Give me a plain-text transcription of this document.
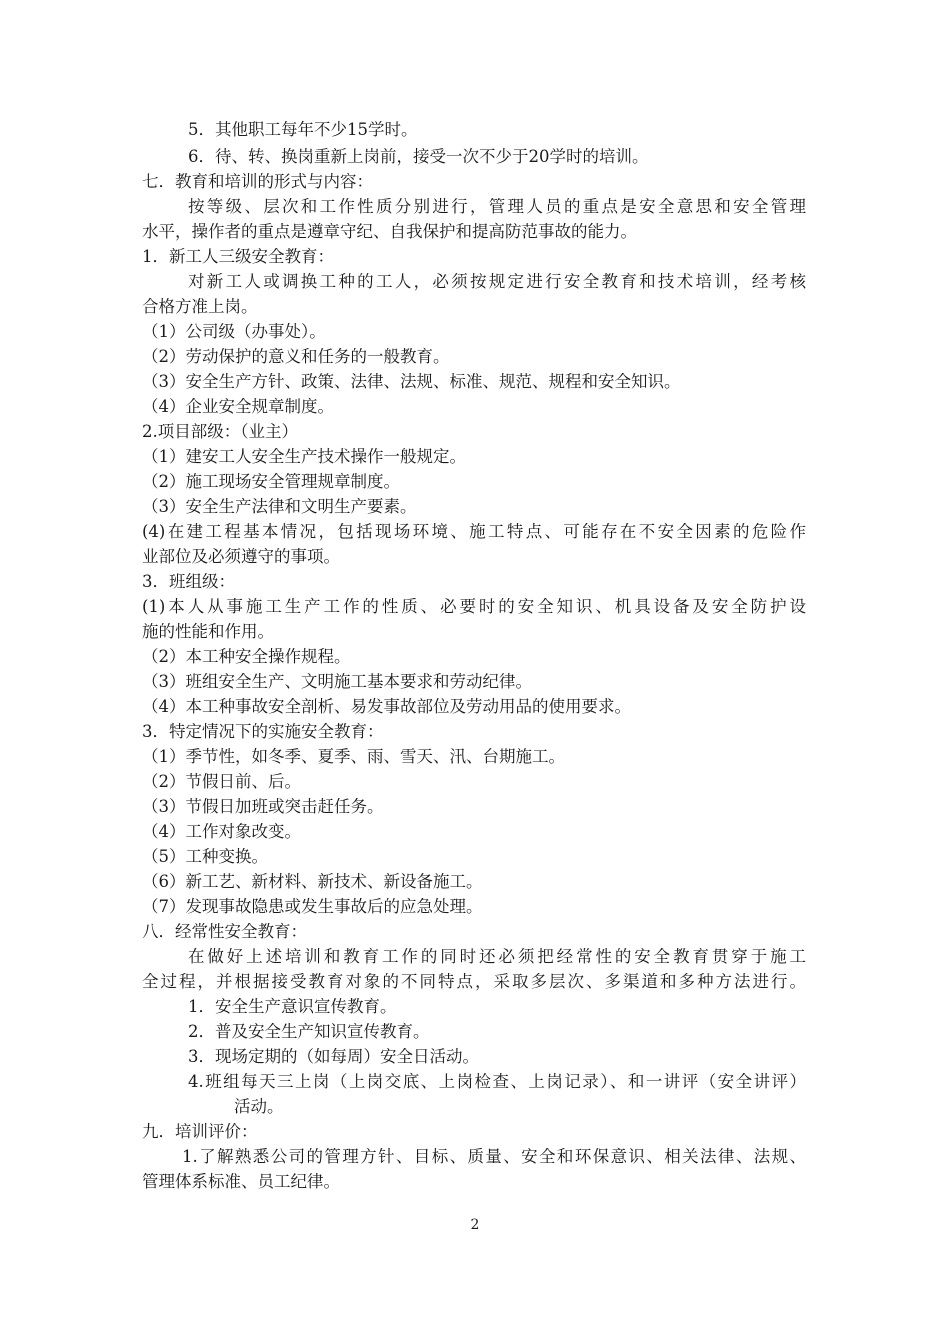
5．其他职工每年不少15学时。
6．待、转、换岗重新上岗前，接受一次不少于20学时的培训。
七．教育和培训的形式与内容：
按等级、层次和工作性质分别进行，管理人员的重点是安全意思和安全管理
水平，操作者的重点是遵章守纪、自我保护和提高防范事故的能力。
1．新工人三级安全教育：
对新工人或调换工种的工人，必须按规定进行安全教育和技术培训，经考核
合格方准上岗。
（1）公司级（办事处）。
（2）劳动保护的意义和任务的一般教育。
（3）安全生产方针、政策、法律、法规、标准、规范、规程和安全知识。
（4）企业安全规章制度。
2.项目部级：（业主）
（1）建安工人安全生产技术操作一般规定。
（2）施工现场安全管理规章制度。
（3）安全生产法律和文明生产要素。
(4)在建工程基本情况，包括现场环境、施工特点、可能存在不安全因素的危险作
业部位及必须遵守的事项。
3．班组级：
(1)本人从事施工生产工作的性质、必要时的安全知识、机具设备及安全防护设
施的性能和作用。
（2）本工种安全操作规程。
（3）班组安全生产、文明施工基本要求和劳动纪律。
（4）本工种事故安全剖析、易发事故部位及劳动用品的使用要求。
3．特定情况下的实施安全教育：
（1）季节性，如冬季、夏季、雨、雪天、汛、台期施工。
（2）节假日前、后。
（3）节假日加班或突击赶任务。
（4）工作对象改变。
（5）工种变换。
（6）新工艺、新材料、新技术、新设备施工。
（7）发现事故隐患或发生事故后的应急处理。
八．经常性安全教育：
在做好上述培训和教育工作的同时还必须把经常性的安全教育贯穿于施工
全过程，并根据接受教育对象的不同特点，采取多层次、多渠道和多种方法进行。
1．安全生产意识宣传教育。
2．普及安全生产知识宣传教育。
3．现场定期的（如每周）安全日活动。
4.班组每天三上岗（上岗交底、上岗检查、上岗记录）、和一讲评（安全讲评）
活动。
九．培训评价：
1.了解熟悉公司的管理方针、目标、质量、安全和环保意识、相关法律、法规、
管理体系标准、员工纪律。
2
